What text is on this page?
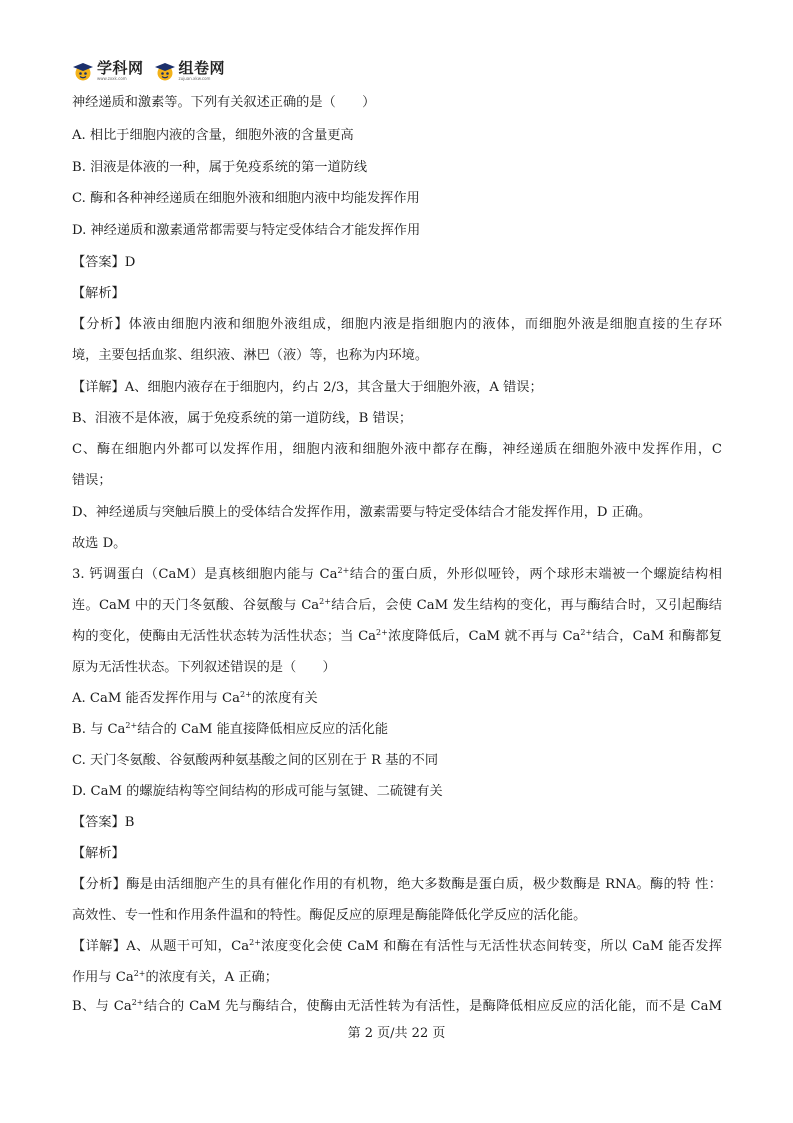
学科网
www.zxxk.com
组卷网
zujuan.xkw.com
神经递质和激素等。下列有关叙述正确的是（　　）
A. 相比于细胞内液的含量，细胞外液的含量更高
B. 泪液是体液的一种，属于免疫系统的第一道防线
C. 酶和各种神经递质在细胞外液和细胞内液中均能发挥作用
D. 神经递质和激素通常都需要与特定受体结合才能发挥作用
【答案】D
【解析】
【分析】体液由细胞内液和细胞外液组成，细胞内液是指细胞内的液体，而细胞外液是细胞直接的生存环
境，主要包括血浆、组织液、淋巴（液）等，也称为内环境。
【详解】A、细胞内液存在于细胞内，约占 2/3，其含量大于细胞外液，A 错误；
B、泪液不是体液，属于免疫系统的第一道防线，B 错误；
C、酶在细胞内外都可以发挥作用，细胞内液和细胞外液中都存在酶，神经递质在细胞外液中发挥作用，C
错误；
D、神经递质与突触后膜上的受体结合发挥作用，激素需要与特定受体结合才能发挥作用，D 正确。
故选 D。
3. 钙调蛋白（CaM）是真核细胞内能与 $Ca^{2+}$结合的蛋白质，外形似哑铃，两个球形末端被一个螺旋结构相
连。CaM 中的天门冬氨酸、谷氨酸与 $Ca^{2+}$结合后，会使 CaM 发生结构的变化，再与酶结合时，又引起酶结
构的变化，使酶由无活性状态转为活性状态；当 $Ca^{2+}$浓度降低后，CaM 就不再与 $Ca^{2+}$结合，CaM 和酶都复
原为无活性状态。下列叙述错误的是（　　）
A. CaM 能否发挥作用与 $Ca^{2+}$的浓度有关
B. 与 $Ca^{2+}$结合的 CaM 能直接降低相应反应的活化能
C. 天门冬氨酸、谷氨酸两种氨基酸之间的区别在于 R 基的不同
D. CaM 的螺旋结构等空间结构的形成可能与氢键、二硫键有关
【答案】B
【解析】
【分析】酶是由活细胞产生的具有催化作用的有机物，绝大多数酶是蛋白质，极少数酶是 RNA。酶的特 性：
高效性、专一性和作用条件温和的特性。酶促反应的原理是酶能降低化学反应的活化能。
【详解】A、从题干可知，$Ca^{2+}$浓度变化会使 CaM 和酶在有活性与无活性状态间转变，所以 CaM 能否发挥
作用与 $Ca^{2+}$的浓度有关，A 正确；
B、与 $Ca^{2+}$结合的 CaM 先与酶结合，使酶由无活性转为有活性，是酶降低相应反应的活化能，而不是 CaM
第 2 页/共 22 页
